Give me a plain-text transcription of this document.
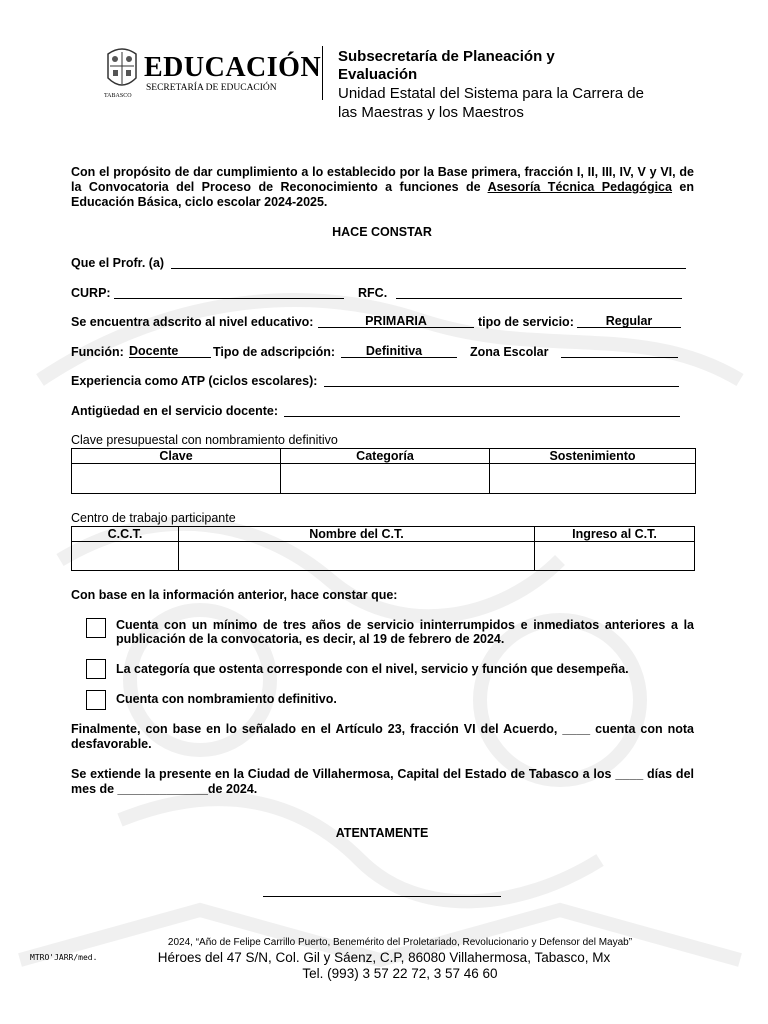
TABASCO
EDUCACIÓN
SECRETARÍA DE EDUCACIÓN
Subsecretaría de Planeación y Evaluación
Unidad Estatal del Sistema para la Carrera de
las Maestras y los Maestros
Con el propósito de dar cumplimiento a lo establecido por la Base primera, fracción I, II, III, IV, V y VI, de
la Convocatoria del Proceso de Reconocimiento a funciones de Asesoría Técnica Pedagógica en
Educación Básica, ciclo escolar 2024-2025.
HACE CONSTAR
Que el Profr. (a)
CURP:	RFC.
Se encuentra adscrito al nivel educativo:	PRIMARIA	tipo de servicio:	Regular
Función: Docente	Tipo de adscripción:	Definitiva	Zona Escolar
Experiencia como ATP (ciclos escolares):
Antigüedad en el servicio docente:
Clave presupuestal con nombramiento definitivo
Clave	Categoría	Sostenimiento

Centro de trabajo participante
C.C.T.	Nombre del C.T.	Ingreso al C.T.

Con base en la información anterior, hace constar que:
Cuenta con un mínimo de tres años de servicio ininterrumpidos e inmediatos anteriores a la
publicación de la convocatoria, es decir, al 19 de febrero de 2024.
La categoría que ostenta corresponde con el nivel, servicio y función que desempeña.
Cuenta con nombramiento definitivo.
Finalmente, con base en lo señalado en el Artículo 23, fracción VI del Acuerdo, ____ cuenta con nota
desfavorable.
Se extiende la presente en la Ciudad de Villahermosa, Capital del Estado de Tabasco a los ____ días del
mes de _____________de 2024.
ATENTAMENTE
2024, “Año de Felipe Carrillo Puerto, Benemérito del Proletariado, Revolucionario y Defensor del Mayab”
Héroes del 47 S/N, Col. Gil y Sáenz, C.P, 86080 Villahermosa, Tabasco, Mx
Tel. (993) 3 57 22 72, 3 57 46 60
MTRO'JARR/med.
